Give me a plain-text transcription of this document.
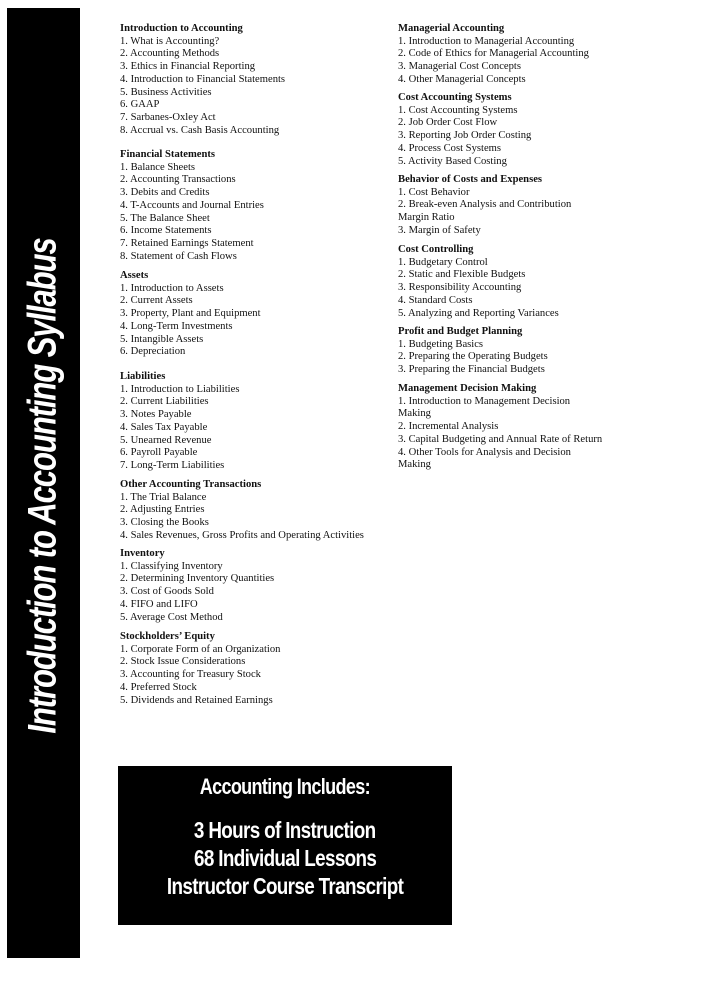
Introduction to Accounting Syllabus
Introduction to Accounting
1. What is Accounting?
2. Accounting Methods
3. Ethics in Financial Reporting
4. Introduction to Financial Statements
5. Business Activities
6. GAAP
7. Sarbanes-Oxley Act
8. Accrual vs. Cash Basis Accounting
Financial Statements
1. Balance Sheets
2. Accounting Transactions
3. Debits and Credits
4. T-Accounts and Journal Entries
5. The Balance Sheet
6. Income Statements
7. Retained Earnings Statement
8. Statement of Cash Flows
Assets
1. Introduction to Assets
2. Current Assets
3. Property, Plant and Equipment
4. Long-Term Investments
5. Intangible Assets
6. Depreciation
Liabilities
1. Introduction to Liabilities
2. Current Liabilities
3. Notes Payable
4. Sales Tax Payable
5. Unearned Revenue
6. Payroll Payable
7. Long-Term Liabilities
Other Accounting Transactions
1. The Trial Balance
2. Adjusting Entries
3. Closing the Books
4. Sales Revenues, Gross Profits and Operating Activities
Inventory
1. Classifying Inventory
2. Determining Inventory Quantities
3. Cost of Goods Sold
4. FIFO and LIFO
5. Average Cost Method
Stockholders’ Equity
1. Corporate Form of an Organization
2. Stock Issue Considerations
3. Accounting for Treasury Stock
4. Preferred Stock
5. Dividends and Retained Earnings
Managerial Accounting
1. Introduction to Managerial Accounting
2. Code of Ethics for Managerial Accounting
3. Managerial Cost Concepts
4. Other Managerial Concepts
Cost Accounting Systems
1. Cost Accounting Systems
2. Job Order Cost Flow
3. Reporting Job Order Costing
4. Process Cost Systems
5. Activity Based Costing
Behavior of Costs and Expenses
1. Cost Behavior
2. Break-even Analysis and Contribution Margin Ratio
3. Margin of Safety
Cost Controlling
1. Budgetary Control
2. Static and Flexible Budgets
3. Responsibility Accounting
4. Standard Costs
5. Analyzing and Reporting Variances
Profit and Budget Planning
1. Budgeting Basics
2. Preparing the Operating Budgets
3. Preparing the Financial Budgets
Management Decision Making
1. Introduction to Management Decision Making
2. Incremental Analysis
3. Capital Budgeting and Annual Rate of Return
4. Other Tools for Analysis and Decision Making
Accounting Includes:
3 Hours of Instruction
68 Individual Lessons
Instructor Course Transcript
